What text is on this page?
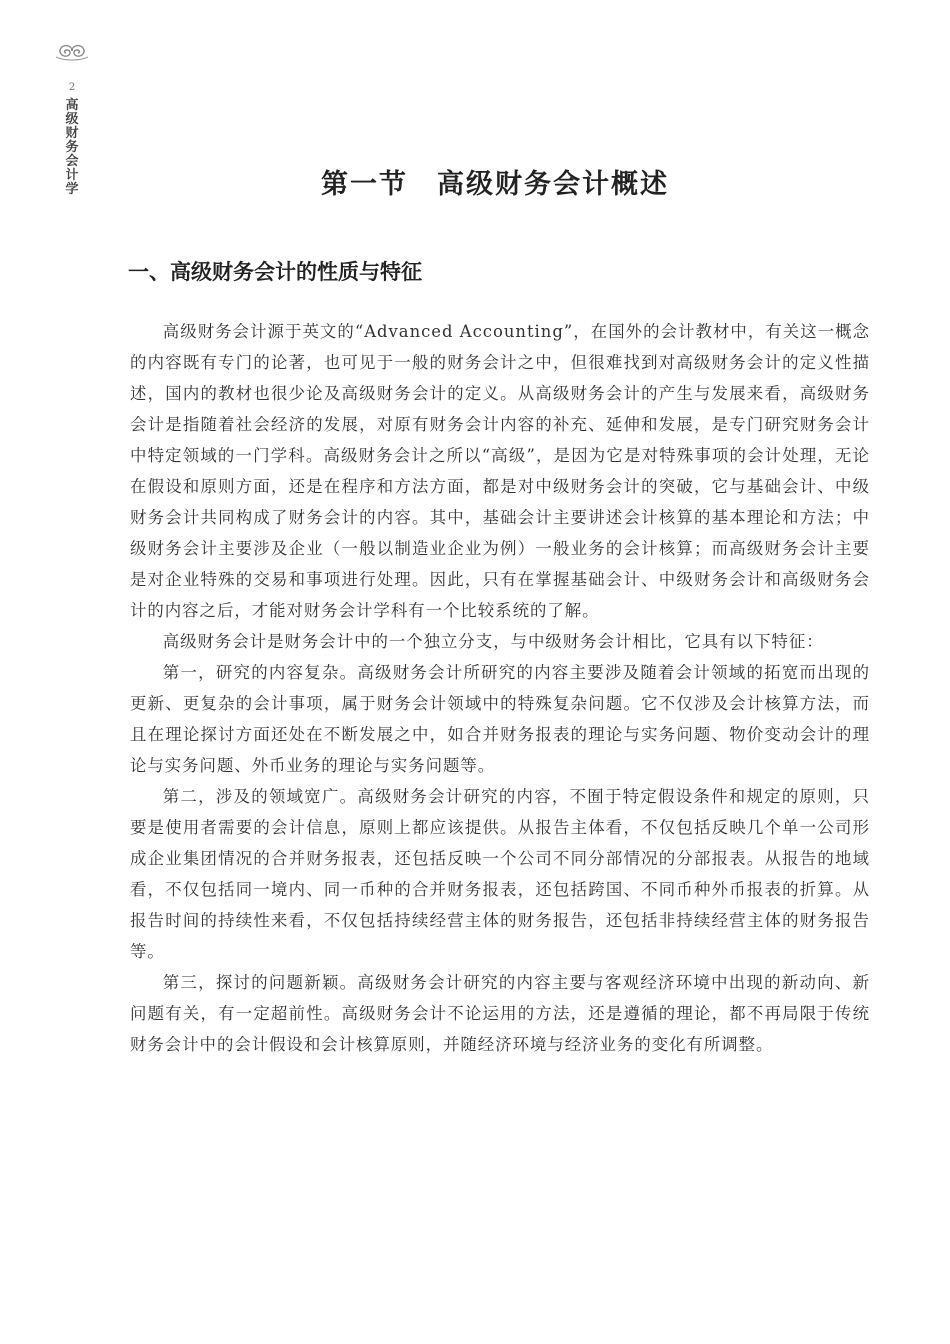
2
高级财务会计学	第一节　高级财务会计概述
一、高级财务会计的性质与特征

高级财务会计源于英文的“Advanced Accounting”，在国外的会计教材中，有关这一概念的内容既有专门的论著，也可见于一般的财务会计之中，但很难找到对高级财务会计的定义性描述，国内的教材也很少论及高级财务会计的定义。从高级财务会计的产生与发展来看，高级财务会计是指随着社会经济的发展，对原有财务会计内容的补充、延伸和发展，是专门研究财务会计中特定领域的一门学科。高级财务会计之所以“高级”，是因为它是对特殊事项的会计处理，无论在假设和原则方面，还是在程序和方法方面，都是对中级财务会计的突破，它与基础会计、中级财务会计共同构成了财务会计的内容。其中，基础会计主要讲述会计核算的基本理论和方法；中级财务会计主要涉及企业（一般以制造业企业为例）一般业务的会计核算；而高级财务会计主要是对企业特殊的交易和事项进行处理。因此，只有在掌握基础会计、中级财务会计和高级财务会计的内容之后，才能对财务会计学科有一个比较系统的了解。

高级财务会计是财务会计中的一个独立分支，与中级财务会计相比，它具有以下特征：

第一，研究的内容复杂。高级财务会计所研究的内容主要涉及随着会计领域的拓宽而出现的更新、更复杂的会计事项，属于财务会计领域中的特殊复杂问题。它不仅涉及会计核算方法，而且在理论探讨方面还处在不断发展之中，如合并财务报表的理论与实务问题、物价变动会计的理论与实务问题、外币业务的理论与实务问题等。

第二，涉及的领域宽广。高级财务会计研究的内容，不囿于特定假设条件和规定的原则，只要是使用者需要的会计信息，原则上都应该提供。从报告主体看，不仅包括反映几个单一公司形成企业集团情况的合并财务报表，还包括反映一个公司不同分部情况的分部报表。从报告的地域看，不仅包括同一境内、同一币种的合并财务报表，还包括跨国、不同币种外币报表的折算。从报告时间的持续性来看，不仅包括持续经营主体的财务报告，还包括非持续经营主体的财务报告等。

第三，探讨的问题新颖。高级财务会计研究的内容主要与客观经济环境中出现的新动向、新问题有关，有一定超前性。高级财务会计不论运用的方法，还是遵循的理论，都不再局限于传统财务会计中的会计假设和会计核算原则，并随经济环境与经济业务的变化有所调整。
